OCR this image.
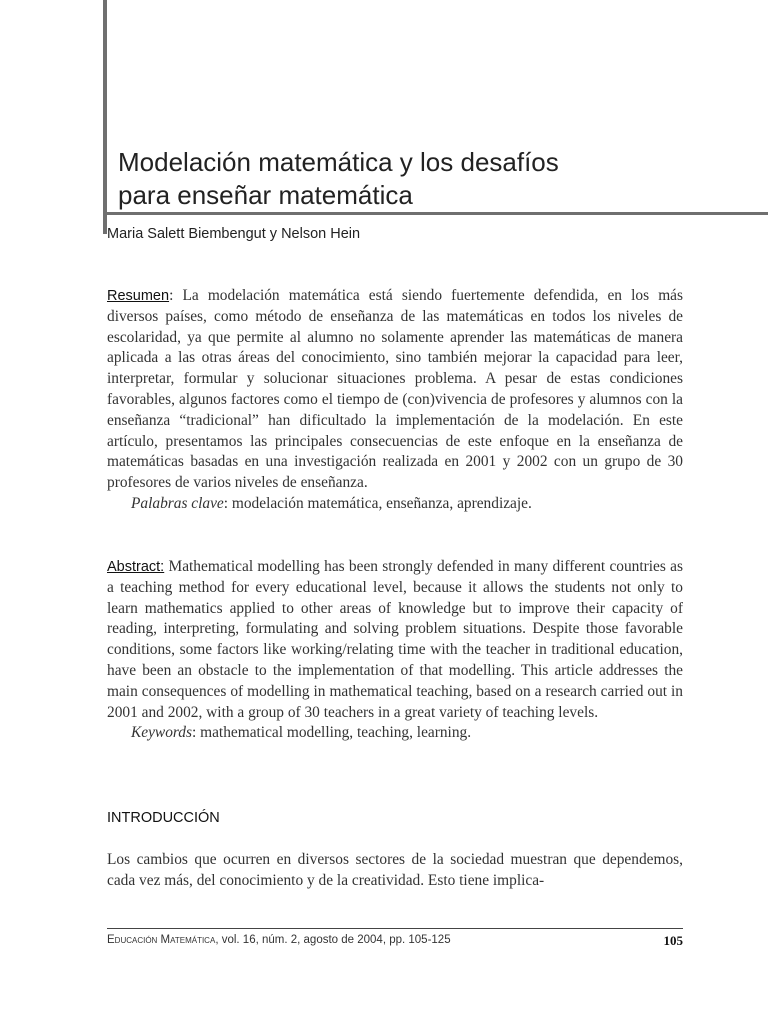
Modelación matemática y los desafíos
para enseñar matemática
Maria Salett Biembengut y Nelson Hein
Resumen: La modelación matemática está siendo fuertemente defendida, en los más diversos países, como método de enseñanza de las matemáticas en todos los niveles de escolaridad, ya que permite al alumno no solamente aprender las matemáticas de manera aplicada a las otras áreas del conocimiento, sino también mejorar la capacidad para leer, interpretar, formular y solucionar situaciones problema. A pesar de estas condiciones favorables, algunos factores como el tiempo de (con)vivencia de profesores y alumnos con la enseñanza “tradicional” han dificultado la implementación de la modelación. En este artículo, presentamos las principales consecuencias de este enfoque en la enseñanza de matemáticas basadas en una investigación realizada en 2001 y 2002 con un grupo de 30 profesores de varios niveles de enseñanza.
Palabras clave: modelación matemática, enseñanza, aprendizaje.
Abstract: Mathematical modelling has been strongly defended in many different countries as a teaching method for every educational level, because it allows the students not only to learn mathematics applied to other areas of knowledge but to improve their capacity of reading, interpreting, formulating and solving problem situations. Despite those favorable conditions, some factors like working/relating time with the teacher in traditional education, have been an obstacle to the implementation of that modelling. This article addresses the main consequences of modelling in mathematical teaching, based on a research carried out in 2001 and 2002, with a group of 30 teachers in a great variety of teaching levels.
Keywords: mathematical modelling, teaching, learning.
INTRODUCCIÓN
Los cambios que ocurren en diversos sectores de la sociedad muestran que dependemos, cada vez más, del conocimiento y de la creatividad. Esto tiene implica-
Educación Matemática, vol. 16, núm. 2, agosto de 2004, pp. 105-125	105
